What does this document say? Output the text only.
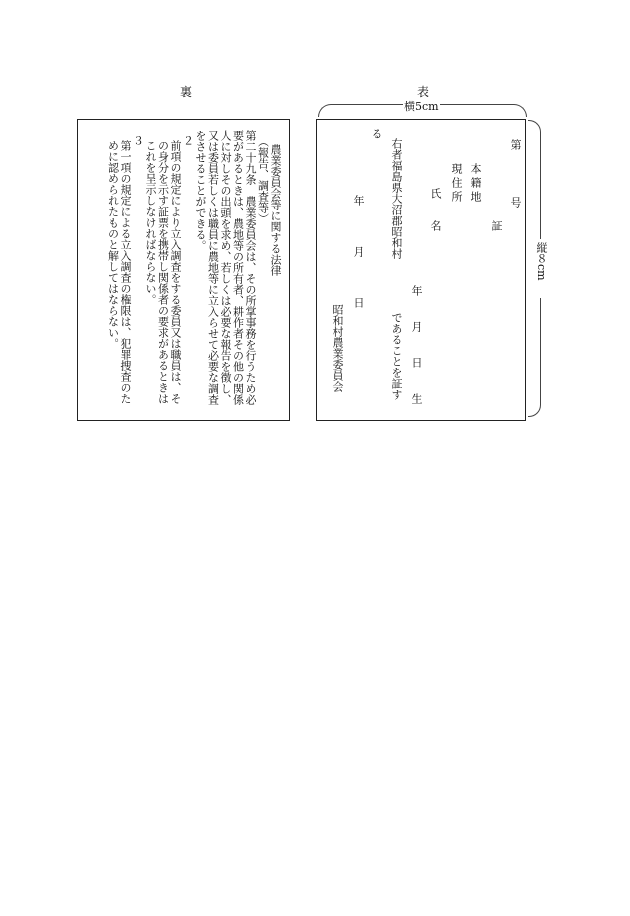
裏

農業委員会等に関する法律

（報告、調査等）

第二十九条　農業委員会は、その所掌事務を行うため必要があるときは、農地等の所有者、耕作者その他の関係人に対しその出頭を求め、若しくは必要な報告を徴し、又は委員若しくは職員に農地等に立入らせて必要な調査をさせることができる。

２

前項の規定により立入調査をする委員又は職員は、その身分を示す証票を携帯し関係者の要求があるときはこれを呈示しなければならない。

３

第一項の規定による立入調査の権限は、犯罪捜査のために認められたものと解してはならない。

表
横5cm
縦８cm
第
号
証
本籍地
現住所
氏　名
年　月　日　生
右者福島県大沼郡昭和村
であることを証す
る
年　　月　　日
昭和村農業委員会
